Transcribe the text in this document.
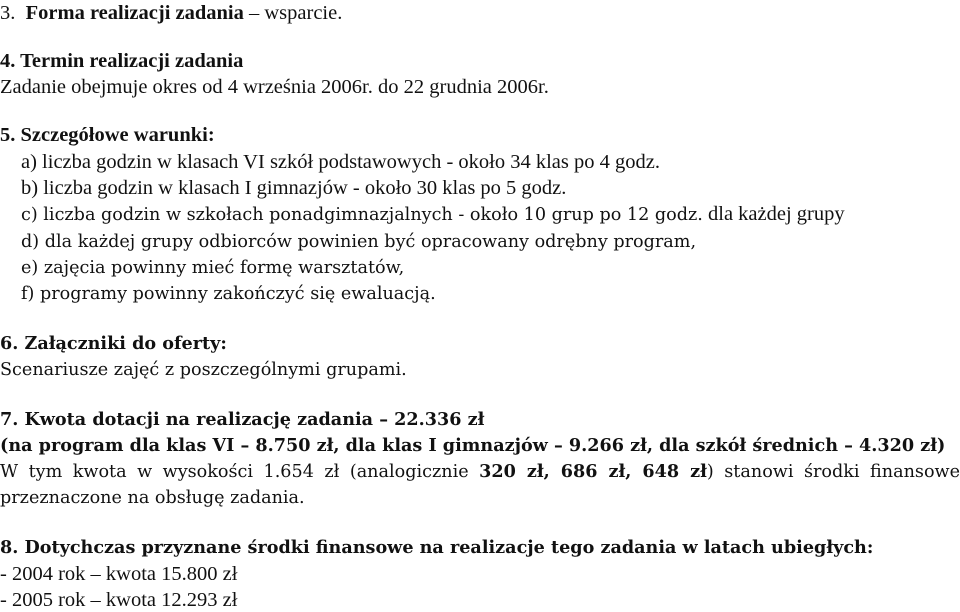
3. Forma realizacji zadania – wsparcie.
4. Termin realizacji zadania
Zadanie obejmuje okres od 4 września 2006r. do 22 grudnia 2006r.
5. Szczegółowe warunki:
a) liczba godzin w klasach VI szkół podstawowych - około 34 klas po 4 godz.
b) liczba godzin w klasach I gimnazjów - około 30 klas po 5 godz.
c) liczba godzin w szkołach ponadgimnazjalnych - około 10 grup po 12 godz. dla każdej grupy
d) dla każdej grupy odbiorców powinien być opracowany odrębny program,
e) zajęcia powinny mieć formę warsztatów,
f) programy powinny zakończyć się ewaluacją.
6. Załączniki do oferty:
Scenariusze zajęć z poszczególnymi grupami.
7. Kwota dotacji na realizację zadania – 22.336 zł
(na program dla klas VI – 8.750 zł, dla klas I gimnazjów – 9.266 zł, dla szkół średnich – 4.320 zł)
W tym kwota w wysokości 1.654 zł (analogicznie 320 zł, 686 zł, 648 zł) stanowi środki finansowe
przeznaczone na obsługę zadania.
8. Dotychczas przyznane środki finansowe na realizacje tego zadania w latach ubiegłych:
- 2004 rok – kwota 15.800 zł
- 2005 rok – kwota 12.293 zł
